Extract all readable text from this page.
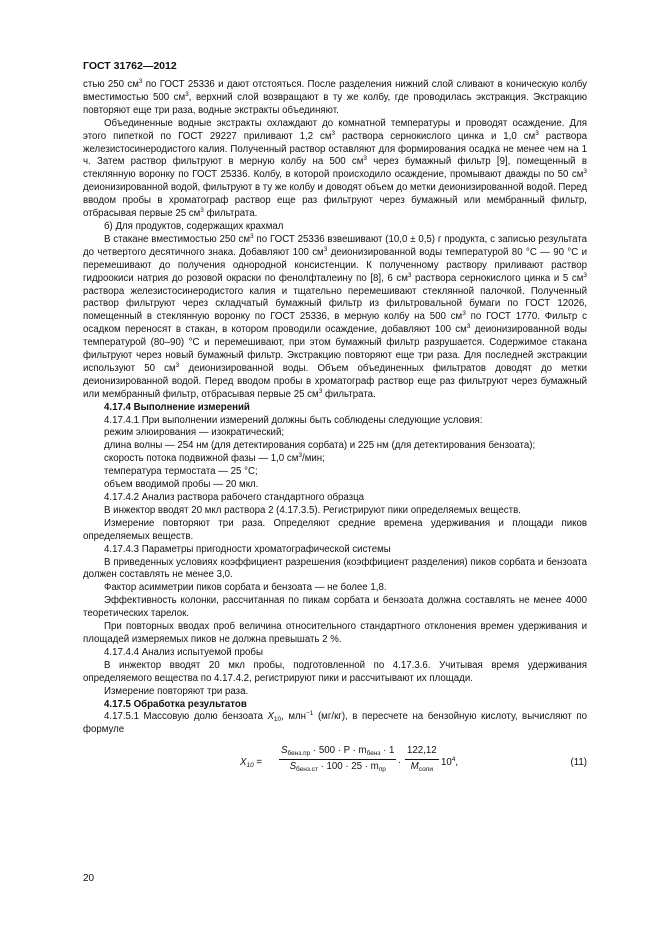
ГОСТ 31762—2012

стью 250 $см^3$ по ГОСТ 25336 и дают отстояться. После разделения нижний слой сливают в коническую колбу вместимостью 500 $см^3$, верхний слой возвращают в ту же колбу, где проводилась экстракция. Экстракцию повторяют еще три раза, водные экстракты объединяют.

Объединенные водные экстракты охлаждают до комнатной температуры и проводят осаждение. Для этого пипеткой по ГОСТ 29227 приливают 1,2 $см^3$ раствора сернокислого цинка и 1,0 $см^3$ раствора железистосинеродистого калия. Полученный раствор оставляют для формирования осадка не менее чем на 1 ч. Затем раствор фильтруют в мерную колбу на 500 $см^3$ через бумажный фильтр [9], помещенный в стеклянную воронку по ГОСТ 25336. Колбу, в которой происходило осаждение, промывают дважды по 50 $см^3$ деионизированной водой, фильтруют в ту же колбу и доводят объем до метки деионизированной водой. Перед вводом пробы в хроматограф раствор еще раз фильтруют через бумажный или мембранный фильтр, отбрасывая первые 25 $см^3$ фильтрата.

б) Для продуктов, содержащих крахмал

В стакане вместимостью 250 $см^3$ по ГОСТ 25336 взвешивают (10,0 ± 0,5) г продукта, с записью результата до четвертого десятичного знака. Добавляют 100 $см^3$ деионизированной воды температурой 80 °С — 90 °С и перемешивают до получения однородной консистенции. К полученному раствору приливают раствор гидроокиси натрия до розовой окраски по фенолфталеину по [8], 6 $см^3$ раствора сернокислого цинка и 5 $см^3$ раствора железистосинеродистого калия и тщательно перемешивают стеклянной палочкой. Полученный раствор фильтруют через складчатый бумажный фильтр из фильтровальной бумаги по ГОСТ 12026, помещенный в стеклянную воронку по ГОСТ 25336, в мерную колбу на 500 $см^3$ по ГОСТ 1770. Фильтр с осадком переносят в стакан, в котором проводили осаждение, добавляют 100 $см^3$ деионизированной воды температурой (80–90) °С и перемешивают, при этом бумажный фильтр разрушается. Содержимое стакана фильтруют через новый бумажный фильтр. Экстракцию повторяют еще три раза. Для последней экстракции используют 50 $см^3$ деионизированной воды. Объем объединенных фильтратов доводят до метки деионизированной водой. Перед вводом пробы в хроматограф раствор еще раз фильтруют через бумажный или мембранный фильтр, отбрасывая первые 25 $см^3$ фильтрата.

4.17.4 Выполнение измерений

4.17.4.1 При выполнении измерений должны быть соблюдены следующие условия:

режим элюирования — изократический;

длина волны — 254 нм (для детектирования сорбата) и 225 нм (для детектирования бензоата);

скорость потока подвижной фазы — 1,0 $см^3$/мин;

температура термостата — 25 °С;

объем вводимой пробы — 20 мкл.

4.17.4.2 Анализ раствора рабочего стандартного образца

В инжектор вводят 20 мкл раствора 2 (4.17.3.5). Регистрируют пики определяемых веществ.

Измерение повторяют три раза. Определяют средние времена удерживания и площади пиков определяемых веществ.

4.17.4.3 Параметры пригодности хроматографической системы

В приведенных условиях коэффициент разрешения (коэффициент разделения) пиков сорбата и бензоата должен составлять не менее 3,0.

Фактор асимметрии пиков сорбата и бензоата — не более 1,8.

Эффективность колонки, рассчитанная по пикам сорбата и бензоата должна составлять не менее 4000 теоретических тарелок.

При повторных вводах проб величина относительного стандартного отклонения времен удерживания и площадей измеряемых пиков не должна превышать 2 %.

4.17.4.4 Анализ испытуемой пробы

В инжектор вводят 20 мкл пробы, подготовленной по 4.17.3.6. Учитывая время удерживания определяемого вещества по 4.17.4.2, регистрируют пики и рассчитывают их площади.

Измерение повторяют три раза.

4.17.5 Обработка результатов

4.17.5.1 Массовую долю бензоата $X_{10}$, млн$^{-1}$ (мг/кг), в пересчете на бензойную кислоту, вычисляют по формуле

$X_{10}$ =
$S_{бенз.пр} \cdot 500 \cdot P \cdot m_{бенз} \cdot 1$
$S_{бенз.ст} \cdot 100 \cdot 25 \cdot m_{пр}$
·
122,12
$M_{соли}$
$10^4$,	(11)
20
